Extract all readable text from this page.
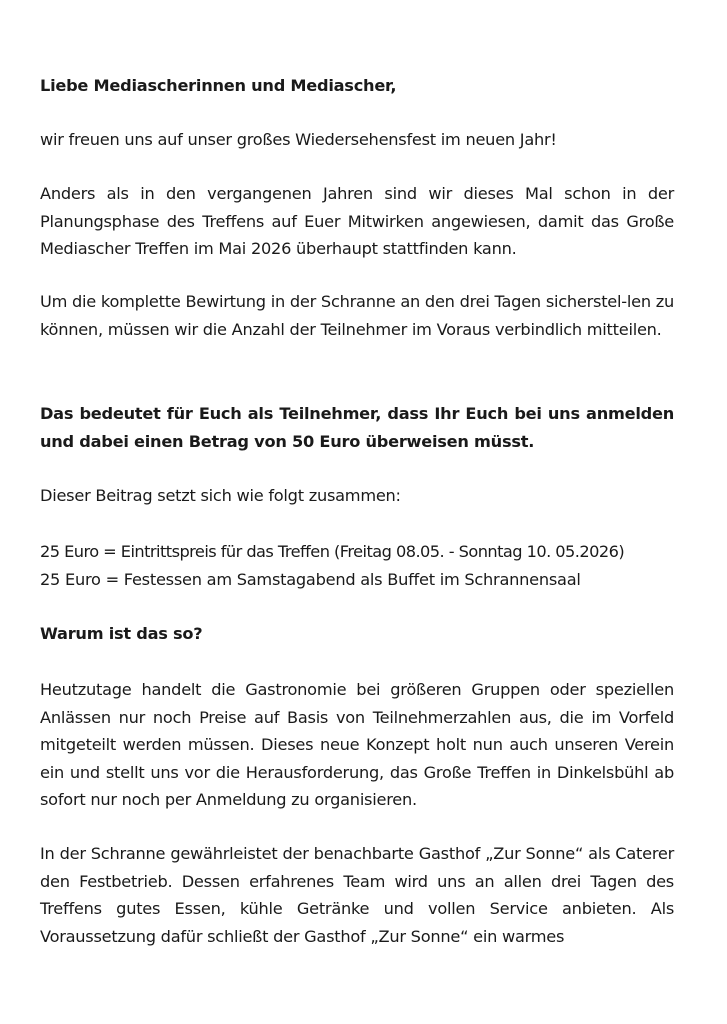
Liebe Mediascherinnen und Mediascher,

wir freuen uns auf unser großes Wiedersehensfest im neuen Jahr!

Anders als in den vergangenen Jahren sind wir dieses Mal schon in der Planungsphase des Treffens auf Euer Mitwirken angewiesen, damit das Große Mediascher Treffen im Mai 2026 überhaupt stattfinden kann.

Um die komplette Bewirtung in der Schranne an den drei Tagen sicherstel-len zu können, müssen wir die Anzahl der Teilnehmer im Voraus verbindlich mitteilen.

Das bedeutet für Euch als Teilnehmer, dass Ihr Euch bei uns anmelden und dabei einen Betrag von 50 Euro überweisen müsst.

Dieser Beitrag setzt sich wie folgt zusammen:

25 Euro = Eintrittspreis für das Treffen (Freitag 08.05. - Sonntag 10. 05.2026)

25 Euro = Festessen am Samstagabend als Buffet im Schrannensaal

Warum ist das so?

Heutzutage handelt die Gastronomie bei größeren Gruppen oder speziellen Anlässen nur noch Preise auf Basis von Teilnehmerzahlen aus, die im Vorfeld mitgeteilt werden müssen. Dieses neue Konzept holt nun auch unseren Verein ein und stellt uns vor die Herausforderung, das Große Treffen in Dinkelsbühl ab sofort nur noch per Anmeldung zu organisieren.

In der Schranne gewährleistet der benachbarte Gasthof „Zur Sonne“ als Caterer den Festbetrieb. Dessen erfahrenes Team wird uns an allen drei Tagen des Treffens gutes Essen, kühle Getränke und vollen Service anbieten. Als Voraussetzung dafür schließt der Gasthof „Zur Sonne“ ein warmes
